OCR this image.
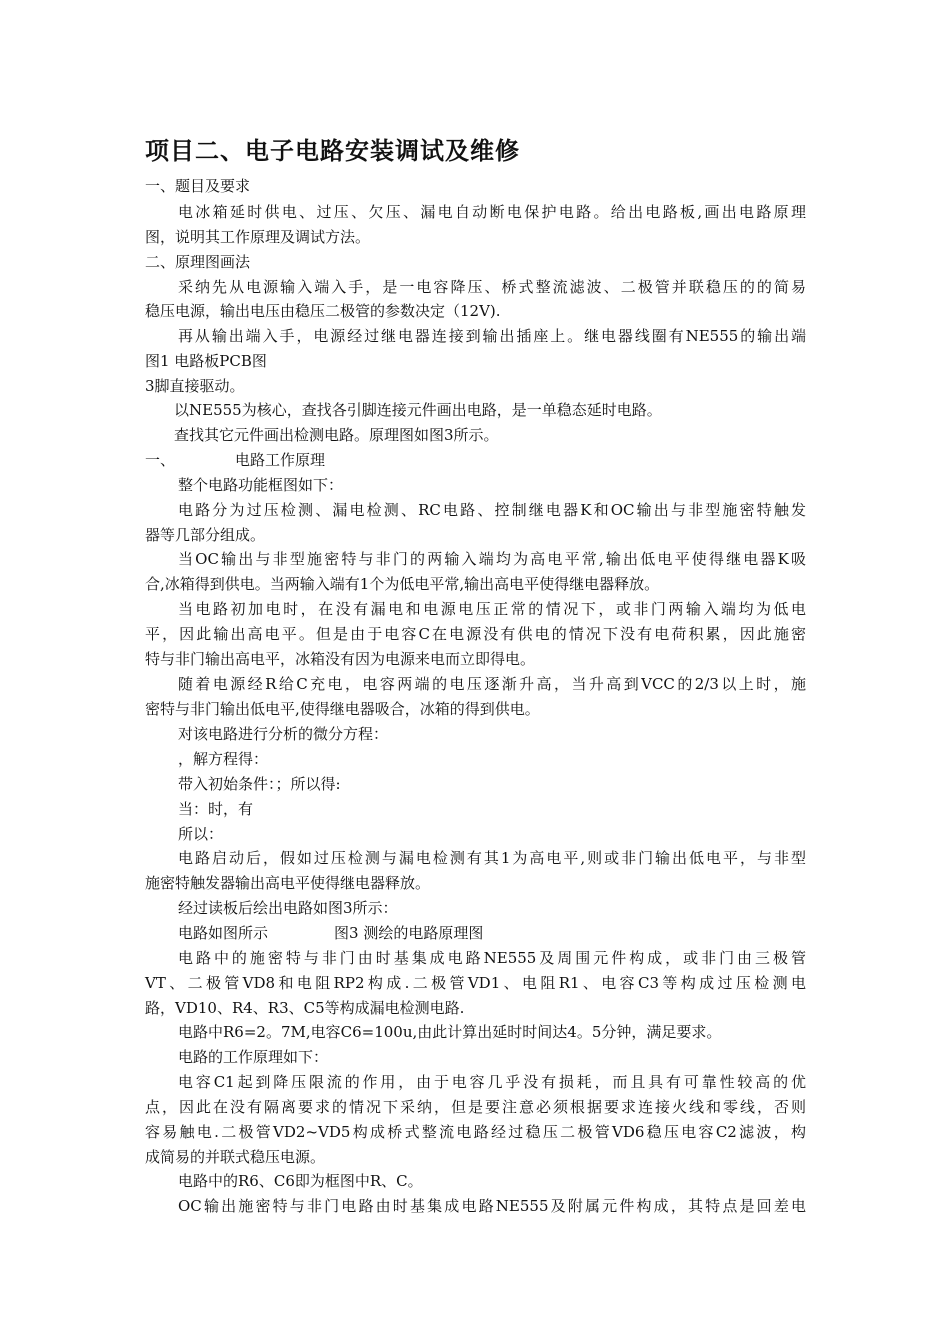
项目二、电子电路安装调试及维修
一、题目及要求
电冰箱延时供电、过压、欠压、漏电自动断电保护电路。给出电路板,画出电路原理
图，说明其工作原理及调试方法。
二、原理图画法
采纳先从电源输入端入手，是一电容降压、桥式整流滤波、二极管并联稳压的的简易
稳压电源，输出电压由稳压二极管的参数决定（12V).
再从输出端入手，电源经过继电器连接到输出插座上。继电器线圈有NE555的输出端
图1 电路板PCB图
3脚直接驱动。
以NE555为核心，查找各引脚连接元件画出电路，是一单稳态延时电路。
查找其它元件画出检测电路。原理图如图3所示。
一、	电路工作原理
整个电路功能框图如下：
电路分为过压检测、漏电检测、RC电路、控制继电器K和OC输出与非型施密特触发
器等几部分组成。
当OC输出与非型施密特与非门的两输入端均为高电平常,输出低电平使得继电器K吸
合,冰箱得到供电。当两输入端有1个为低电平常,输出高电平使得继电器释放。
当电路初加电时，在没有漏电和电源电压正常的情况下，或非门两输入端均为低电
平，因此输出高电平。但是由于电容C在电源没有供电的情况下没有电荷积累，因此施密
特与非门输出高电平，冰箱没有因为电源来电而立即得电。
随着电源经R给C充电，电容两端的电压逐渐升高，当升高到VCC的2/3以上时，施
密特与非门输出低电平,使得继电器吸合，冰箱的得到供电。
对该电路进行分析的微分方程：
，解方程得：
带入初始条件：；所以得:
当：时，有
所以：
电路启动后，假如过压检测与漏电检测有其1为高电平,则或非门输出低电平，与非型
施密特触发器输出高电平使得继电器释放。
经过读板后绘出电路如图3所示：
电路如图所示	图3 测绘的电路原理图
电路中的施密特与非门由时基集成电路NE555及周围元件构成，或非门由三极管
VT、二极管VD8和电阻RP2构成.二极管VD1、电阻R1、电容C3等构成过压检测电
路，VD10、R4、R3、C5等构成漏电检测电路.
电路中R6=2。7M,电容C6=100u,由此计算出延时时间达4。5分钟，满足要求。
电路的工作原理如下：
电容C1起到降压限流的作用，由于电容几乎没有损耗，而且具有可靠性较高的优
点，因此在没有隔离要求的情况下采纳，但是要注意必须根据要求连接火线和零线，否则
容易触电.二极管VD2~VD5构成桥式整流电路经过稳压二极管VD6稳压电容C2滤波，构
成简易的并联式稳压电源。
电路中的R6、C6即为框图中R、C。
OC输出施密特与非门电路由时基集成电路NE555及附属元件构成，其特点是回差电
